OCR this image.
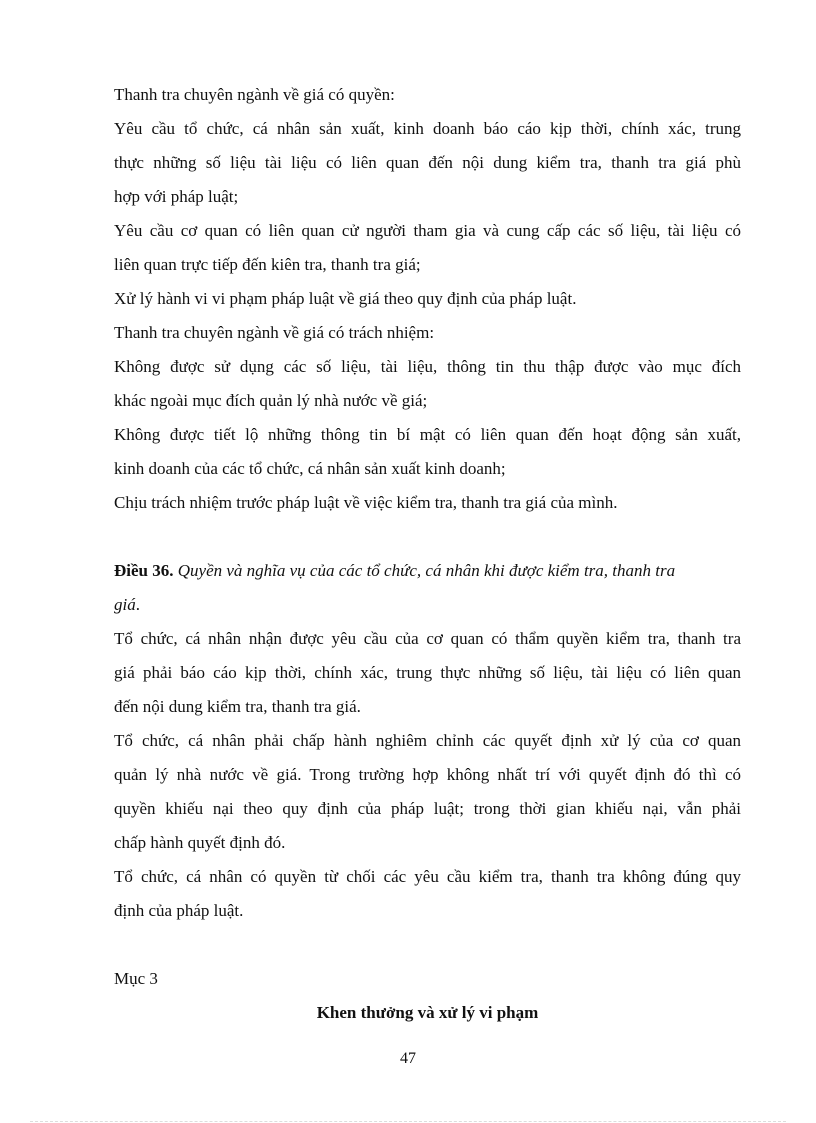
Thanh tra chuyên ngành về giá có quyền:
Yêu cầu tổ chức, cá nhân sản xuất, kinh doanh báo cáo kịp thời, chính xác, trung
thực những số liệu tài liệu có liên quan đến nội dung kiểm tra, thanh tra giá phù
hợp với pháp luật;
Yêu cầu cơ quan có liên quan cử người tham gia và cung cấp các số liệu, tài liệu có
liên quan trực tiếp đến kiên tra, thanh tra giá;
Xử lý hành vi vi phạm pháp luật về giá theo quy định của pháp luật.
Thanh tra chuyên ngành về giá có trách nhiệm:
Không được sử dụng các số liệu, tài liệu, thông tin thu thập được vào mục đích
khác ngoài mục đích quản lý nhà nước về giá;
Không được tiết lộ những thông tin bí mật có liên quan đến hoạt động sản xuất,
kinh doanh của các tổ chức, cá nhân sản xuất kinh doanh;
Chịu trách nhiệm trước pháp luật về việc kiểm tra, thanh tra giá của mình.
Điều 36. Quyền và nghĩa vụ của các tổ chức, cá nhân khi được kiểm tra, thanh tra
giá.
Tổ chức, cá nhân nhận được yêu cầu của cơ quan có thẩm quyền kiểm tra, thanh tra
giá phải báo cáo kịp thời, chính xác, trung thực những số liệu, tài liệu có liên quan
đến nội dung kiểm tra, thanh tra giá.
Tổ chức, cá nhân phải chấp hành nghiêm chỉnh các quyết định xử lý của cơ quan
quản lý nhà nước về giá. Trong trường hợp không nhất trí với quyết định đó thì có
quyền khiếu nại theo quy định của pháp luật; trong thời gian khiếu nại, vẫn phải
chấp hành quyết định đó.
Tổ chức, cá nhân có quyền từ chối các yêu cầu kiểm tra, thanh tra không đúng quy
định của pháp luật.
Mục 3
Khen thưởng và xử lý vi phạm
47
